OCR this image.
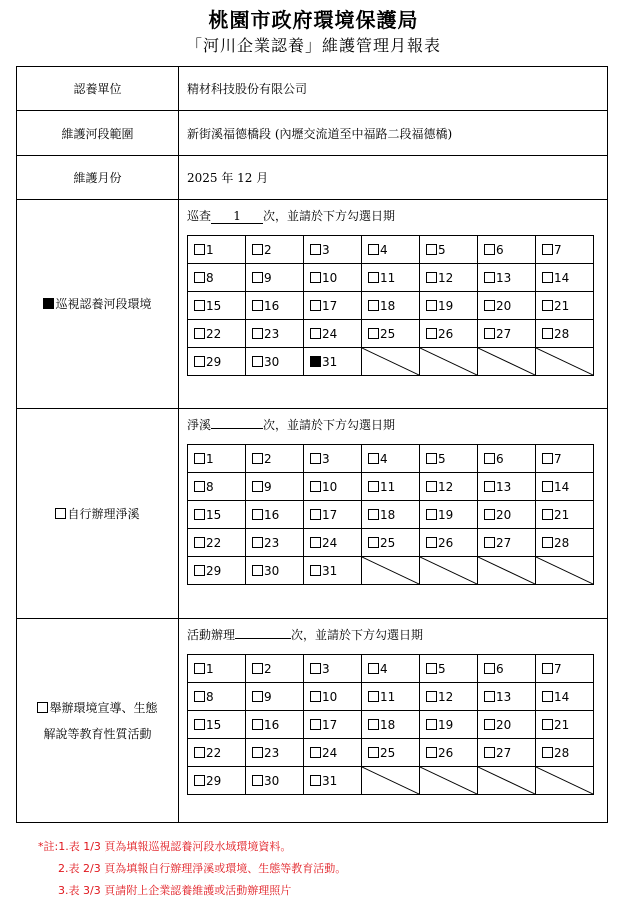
桃園市政府環境保護局
「河川企業認養」維護管理月報表
認養單位	精材科技股份有限公司
維護河段範圍	新街溪福德橋段 (內壢交流道至中福路二段福德橋)
維護月份	2025 年 12 月
巡視認養河段環境	
巡查 1 次，並請於下方勾選日期
1	2	3	4	5	6	7
8	9	10	11	12	13	14
15	16	17	18	19	20	21
22	23	24	25	26	27	28
29	30	31	

自行辦理淨溪	
淨溪	次，並請於下方勾選日期
1	2	3	4	5	6	7
8	9	10	11	12	13	14
15	16	17	18	19	20	21
22	23	24	25	26	27	28
29	30	31	

舉辦環境宣導、生態
解說等教育性質活動

活動辦理	次，並請於下方勾選日期
1	2	3	4	5	6	7
8	9	10	11	12	13	14
15	16	17	18	19	20	21
22	23	24	25	26	27	28
29	30	31	

*註:1.表 1/3 頁為填報巡視認養河段水域環境資料。
2.表 2/3 頁為填報自行辦理淨溪或環境、生態等教育活動。
3.表 3/3 頁請附上企業認養維護或活動辦理照片
